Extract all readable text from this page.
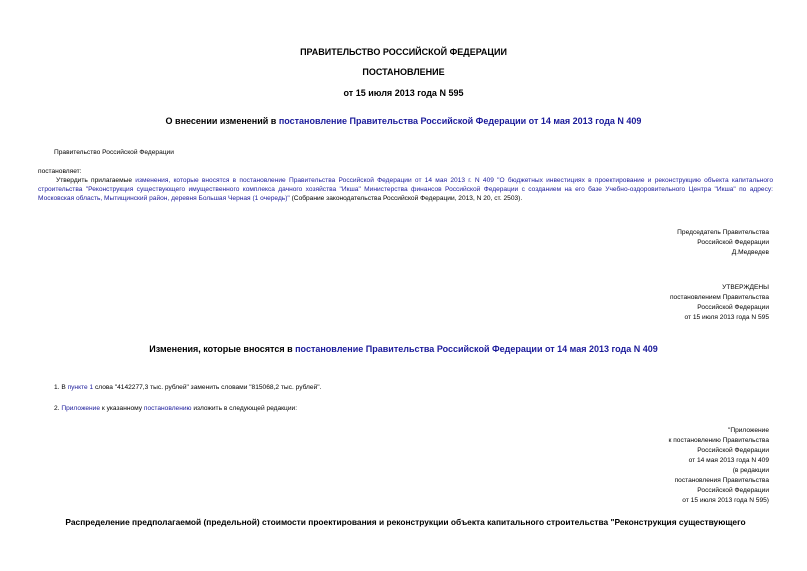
ПРАВИТЕЛЬСТВО РОССИЙСКОЙ ФЕДЕРАЦИИ
ПОСТАНОВЛЕНИЕ
от 15 июля 2013 года N 595
О внесении изменений в постановление Правительства Российской Федерации от 14 мая 2013 года N 409
Правительство Российской Федерации
постановляет:
Утвердить прилагаемые изменения, которые вносятся в постановление Правительства Российской Федерации от 14 мая 2013 г. N 409 "О бюджетных инвестициях в проектирование и реконструкцию объекта капитального строительства "Реконструкция существующего имущественного комплекса дачного хозяйства "Икша" Министерства финансов Российской Федерации с созданием на его базе Учебно-оздоровительного Центра "Икша" по адресу: Московская область, Мытищинский район, деревня Большая Черная (1 очередь)" (Собрание законодательства Российской Федерации, 2013, N 20, ст. 2503).
Председатель Правительства
Российской Федерации
Д.Медведев
УТВЕРЖДЕНЫ
постановлением Правительства
Российской Федерации
от 15 июля 2013 года N 595
Изменения, которые вносятся в постановление Правительства Российской Федерации от 14 мая 2013 года N 409
1. В пункте 1 слова "4142277,3 тыс. рублей" заменить словами "815068,2 тыс. рублей".
2. Приложение к указанному постановлению изложить в следующей редакции:
"Приложение
к постановлению Правительства
Российской Федерации
от 14 мая 2013 года N 409
(в редакции
постановления Правительства
Российской Федерации
от 15 июля 2013 года N 595)
Распределение предполагаемой (предельной) стоимости проектирования и реконструкции объекта капитального строительства "Реконструкция существующего
